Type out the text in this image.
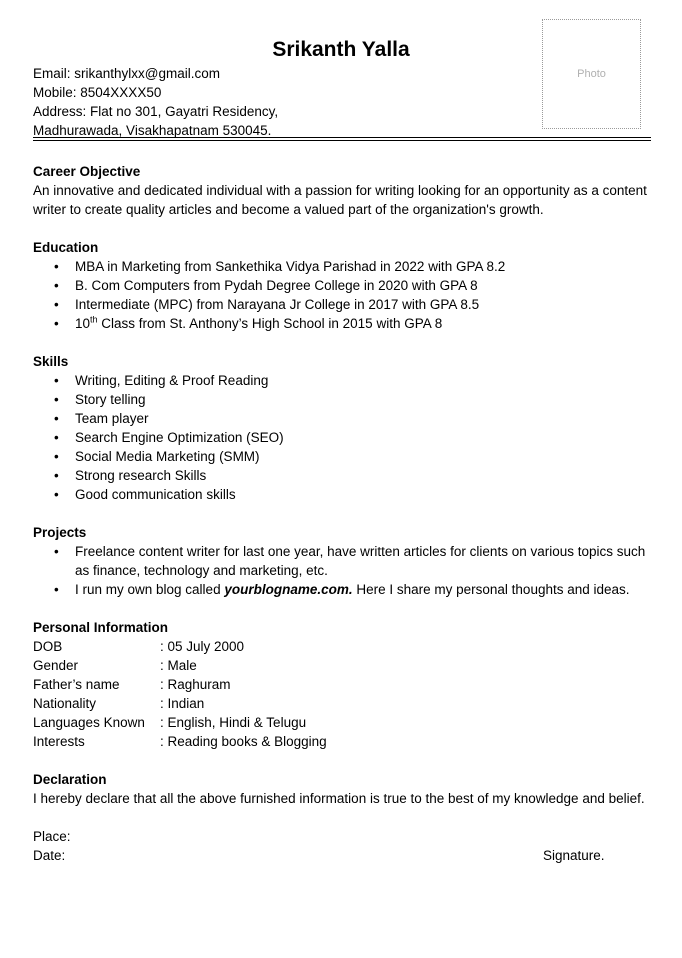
Srikanth Yalla
Email: srikanthylxx@gmail.com
Mobile: 8504XXXX50
Address: Flat no 301, Gayatri Residency,
Madhurawada, Visakhapatnam 530045.
Photo
Career Objective
An innovative and dedicated individual with a passion for writing looking for an opportunity as a content writer to create quality articles and become a valued part of the organization's growth.
Education
• MBA in Marketing from Sankethika Vidya Parishad in 2022 with GPA 8.2
• B. Com Computers from Pydah Degree College in 2020 with GPA 8
• Intermediate (MPC) from Narayana Jr College in 2017 with GPA 8.5
• 10th Class from St. Anthony’s High School in 2015 with GPA 8
Skills
• Writing, Editing & Proof Reading
• Story telling
• Team player
• Search Engine Optimization (SEO)
• Social Media Marketing (SMM)
• Strong research Skills
• Good communication skills
Projects
• Freelance content writer for last one year, have written articles for clients on various topics such as finance, technology and marketing, etc.
• I run my own blog called yourblogname.com. Here I share my personal thoughts and ideas.
Personal Information
DOB	: 05 July 2000
Gender	: Male
Father’s name	: Raghuram
Nationality	: Indian
Languages Known	: English, Hindi & Telugu
Interests	: Reading books & Blogging
Declaration
I hereby declare that all the above furnished information is true to the best of my knowledge and belief.
Place:
Date:	Signature.
